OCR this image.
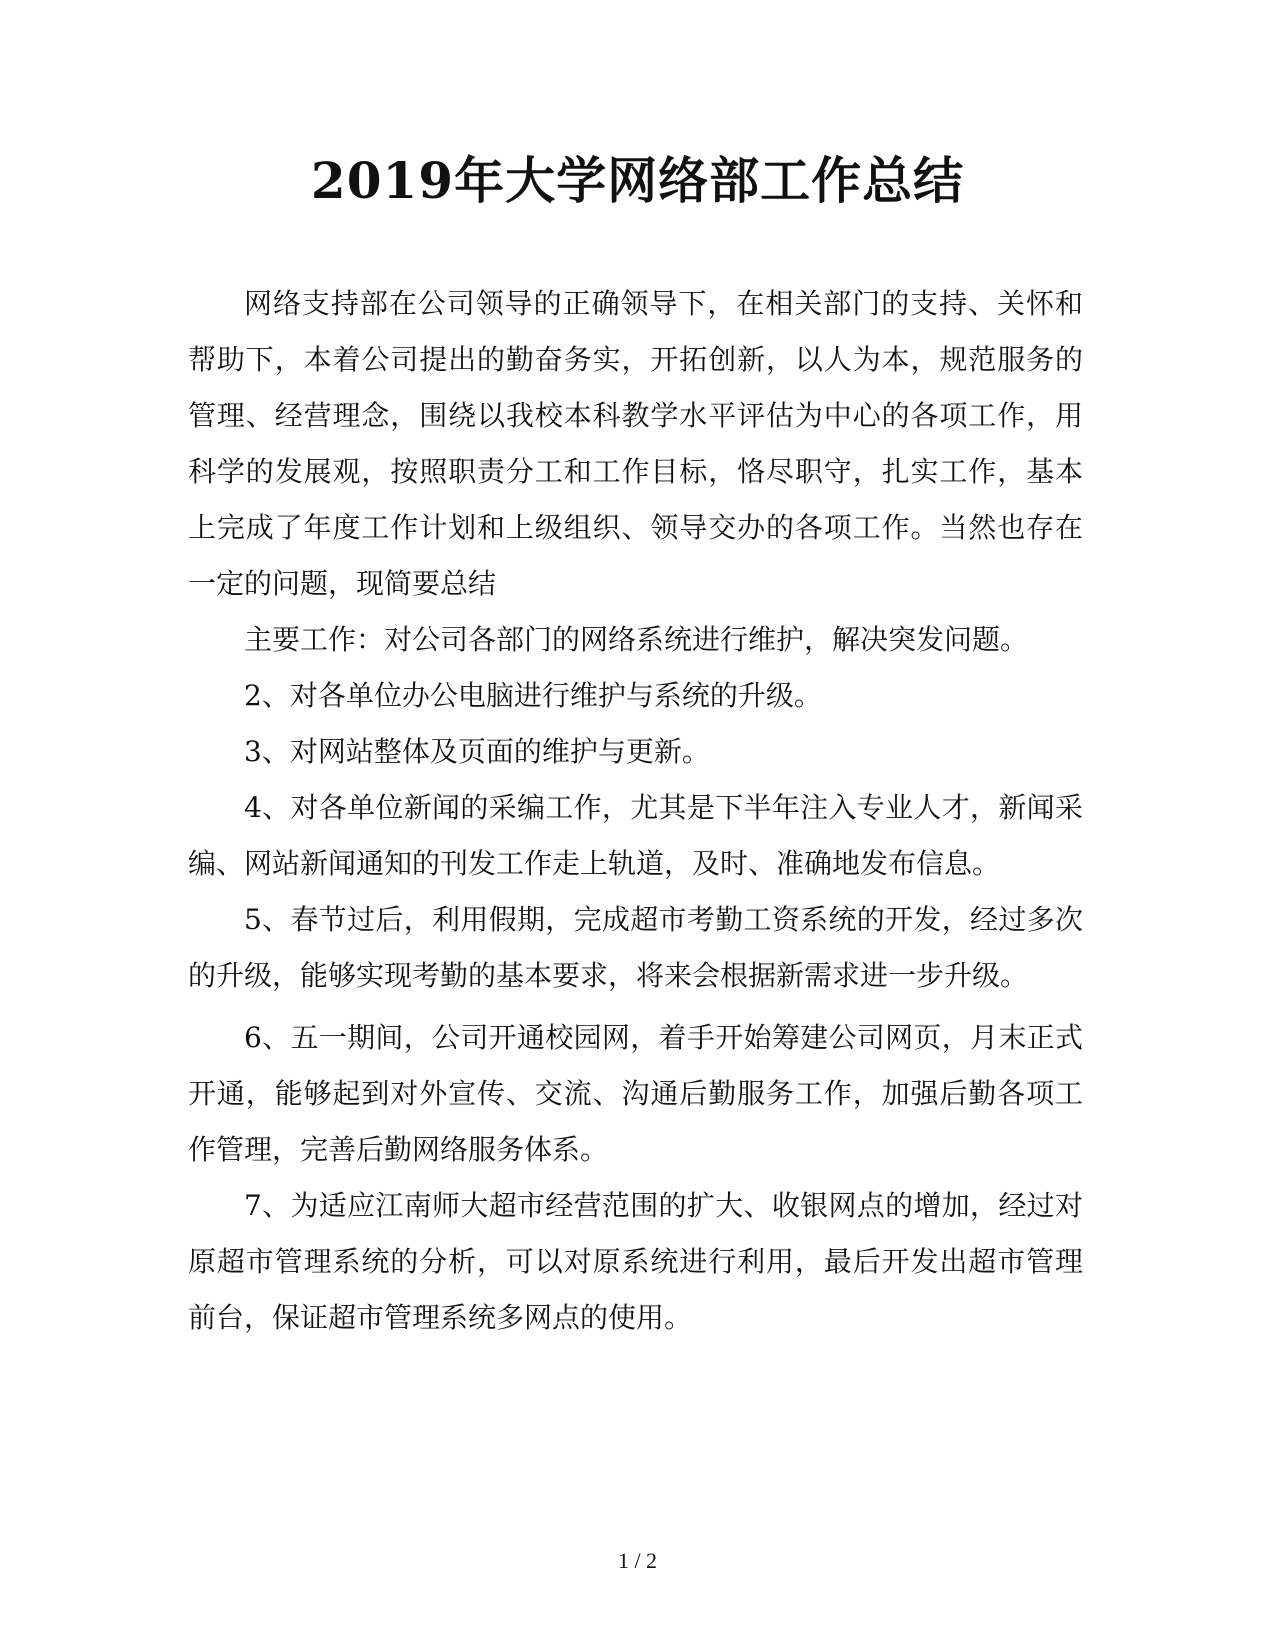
2019年大学网络部工作总结

网络支持部在公司领导的正确领导下，在相关部门的支持、关怀和帮助下，本着公司提出的勤奋务实，开拓创新，以人为本，规范服务的管理、经营理念，围绕以我校本科教学水平评估为中心的各项工作，用科学的发展观，按照职责分工和工作目标，恪尽职守，扎实工作，基本上完成了年度工作计划和上级组织、领导交办的各项工作。当然也存在一定的问题，现简要总结

主要工作：对公司各部门的网络系统进行维护，解决突发问题。

2、对各单位办公电脑进行维护与系统的升级。

3、对网站整体及页面的维护与更新。

4、对各单位新闻的采编工作，尤其是下半年注入专业人才，新闻采编、网站新闻通知的刊发工作走上轨道，及时、准确地发布信息。

5、春节过后，利用假期，完成超市考勤工资系统的开发，经过多次的升级，能够实现考勤的基本要求，将来会根据新需求进一步升级。

6、五一期间，公司开通校园网，着手开始筹建公司网页，月末正式开通，能够起到对外宣传、交流、沟通后勤服务工作，加强后勤各项工作管理，完善后勤网络服务体系。

7、为适应江南师大超市经营范围的扩大、收银网点的增加，经过对原超市管理系统的分析，可以对原系统进行利用，最后开发出超市管理前台，保证超市管理系统多网点的使用。

1 / 2
